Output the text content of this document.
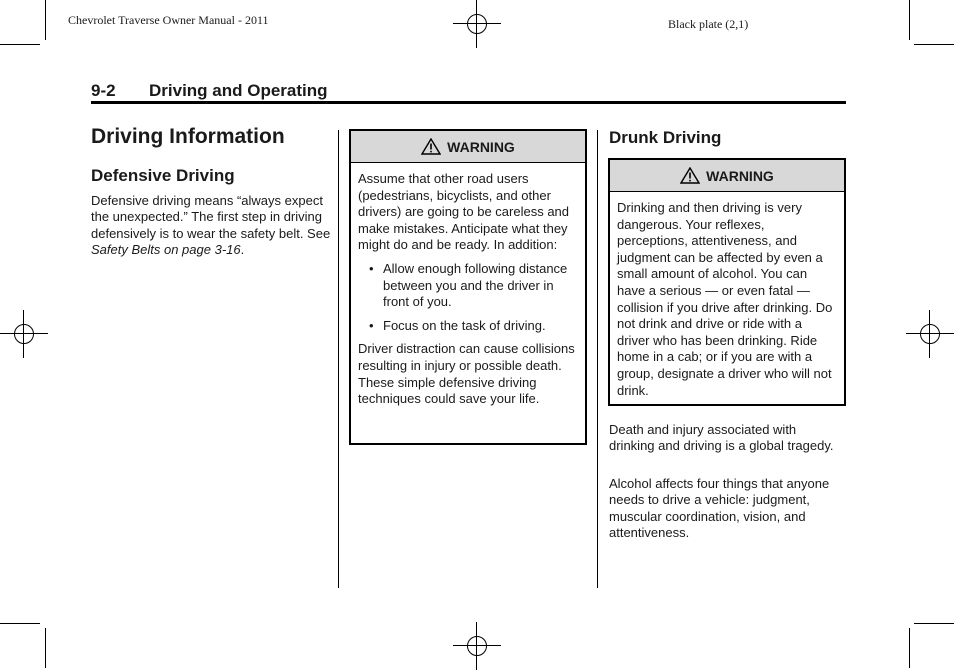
Chevrolet Traverse Owner Manual - 2011	Black plate (2,1)
9-2 Driving and Operating
Driving Information
Defensive Driving

Defensive driving means “always expect the unexpected.” The first step in driving defensively is to wear the safety belt. See Safety Belts on page 3-16.

WARNING

Assume that other road users (pedestrians, bicyclists, and other drivers) are going to be careless and make mistakes. Anticipate what they might do and be ready. In addition:

• Allow enough following distance between you and the driver in front of you.
• Focus on the task of driving.

Driver distraction can cause collisions resulting in injury or possible death. These simple defensive driving techniques could save your life.

Drunk Driving
WARNING

Drinking and then driving is very dangerous. Your reflexes, perceptions, attentiveness, and judgment can be affected by even a small amount of alcohol. You can have a serious — or even fatal — collision if you drive after drinking. Do not drink and drive or ride with a driver who has been drinking. Ride home in a cab; or if you are with a group, designate a driver who will not drink.

Death and injury associated with drinking and driving is a global tragedy.

Alcohol affects four things that anyone needs to drive a vehicle: judgment, muscular coordination, vision, and attentiveness.
